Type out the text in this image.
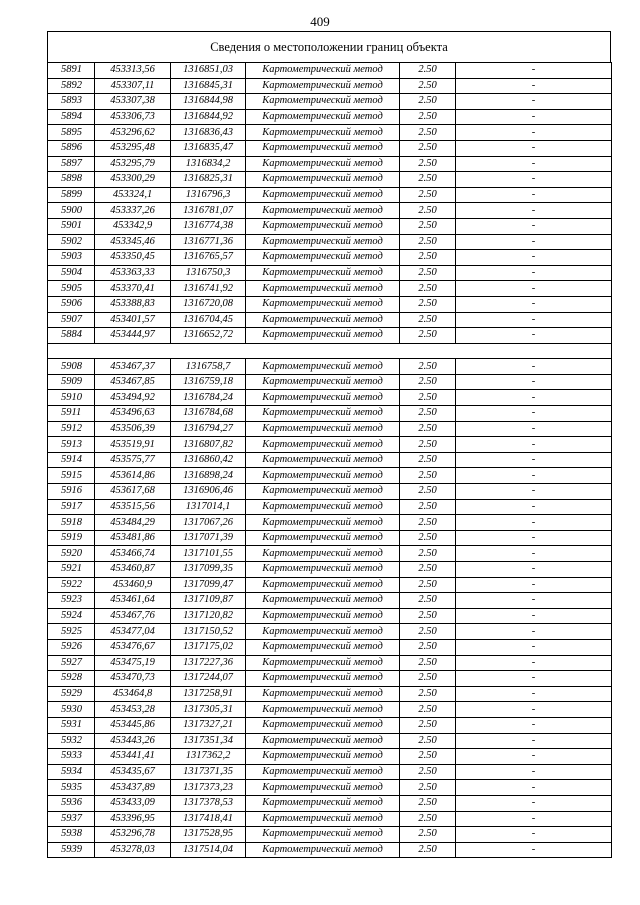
409
Сведения о местоположении границ объекта
5891	453313,56	1316851,03	Картометрический метод	2.50	-
5892	453307,11	1316845,31	Картометрический метод	2.50	-
5893	453307,38	1316844,98	Картометрический метод	2.50	-
5894	453306,73	1316844,92	Картометрический метод	2.50	-
5895	453296,62	1316836,43	Картометрический метод	2.50	-
5896	453295,48	1316835,47	Картометрический метод	2.50	-
5897	453295,79	1316834,2	Картометрический метод	2.50	-
5898	453300,29	1316825,31	Картометрический метод	2.50	-
5899	453324,1	1316796,3	Картометрический метод	2.50	-
5900	453337,26	1316781,07	Картометрический метод	2.50	-
5901	453342,9	1316774,38	Картометрический метод	2.50	-
5902	453345,46	1316771,36	Картометрический метод	2.50	-
5903	453350,45	1316765,57	Картометрический метод	2.50	-
5904	453363,33	1316750,3	Картометрический метод	2.50	-
5905	453370,41	1316741,92	Картометрический метод	2.50	-
5906	453388,83	1316720,08	Картометрический метод	2.50	-
5907	453401,57	1316704,45	Картометрический метод	2.50	-
5884	453444,97	1316652,72	Картометрический метод	2.50	-

5908	453467,37	1316758,7	Картометрический метод	2.50	-
5909	453467,85	1316759,18	Картометрический метод	2.50	-
5910	453494,92	1316784,24	Картометрический метод	2.50	-
5911	453496,63	1316784,68	Картометрический метод	2.50	-
5912	453506,39	1316794,27	Картометрический метод	2.50	-
5913	453519,91	1316807,82	Картометрический метод	2.50	-
5914	453575,77	1316860,42	Картометрический метод	2.50	-
5915	453614,86	1316898,24	Картометрический метод	2.50	-
5916	453617,68	1316906,46	Картометрический метод	2.50	-
5917	453515,56	1317014,1	Картометрический метод	2.50	-
5918	453484,29	1317067,26	Картометрический метод	2.50	-
5919	453481,86	1317071,39	Картометрический метод	2.50	-
5920	453466,74	1317101,55	Картометрический метод	2.50	-
5921	453460,87	1317099,35	Картометрический метод	2.50	-
5922	453460,9	1317099,47	Картометрический метод	2.50	-
5923	453461,64	1317109,87	Картометрический метод	2.50	-
5924	453467,76	1317120,82	Картометрический метод	2.50	-
5925	453477,04	1317150,52	Картометрический метод	2.50	-
5926	453476,67	1317175,02	Картометрический метод	2.50	-
5927	453475,19	1317227,36	Картометрический метод	2.50	-
5928	453470,73	1317244,07	Картометрический метод	2.50	-
5929	453464,8	1317258,91	Картометрический метод	2.50	-
5930	453453,28	1317305,31	Картометрический метод	2.50	-
5931	453445,86	1317327,21	Картометрический метод	2.50	-
5932	453443,26	1317351,34	Картометрический метод	2.50	-
5933	453441,41	1317362,2	Картометрический метод	2.50	-
5934	453435,67	1317371,35	Картометрический метод	2.50	-
5935	453437,89	1317373,23	Картометрический метод	2.50	-
5936	453433,09	1317378,53	Картометрический метод	2.50	-
5937	453396,95	1317418,41	Картометрический метод	2.50	-
5938	453296,78	1317528,95	Картометрический метод	2.50	-
5939	453278,03	1317514,04	Картометрический метод	2.50	-
